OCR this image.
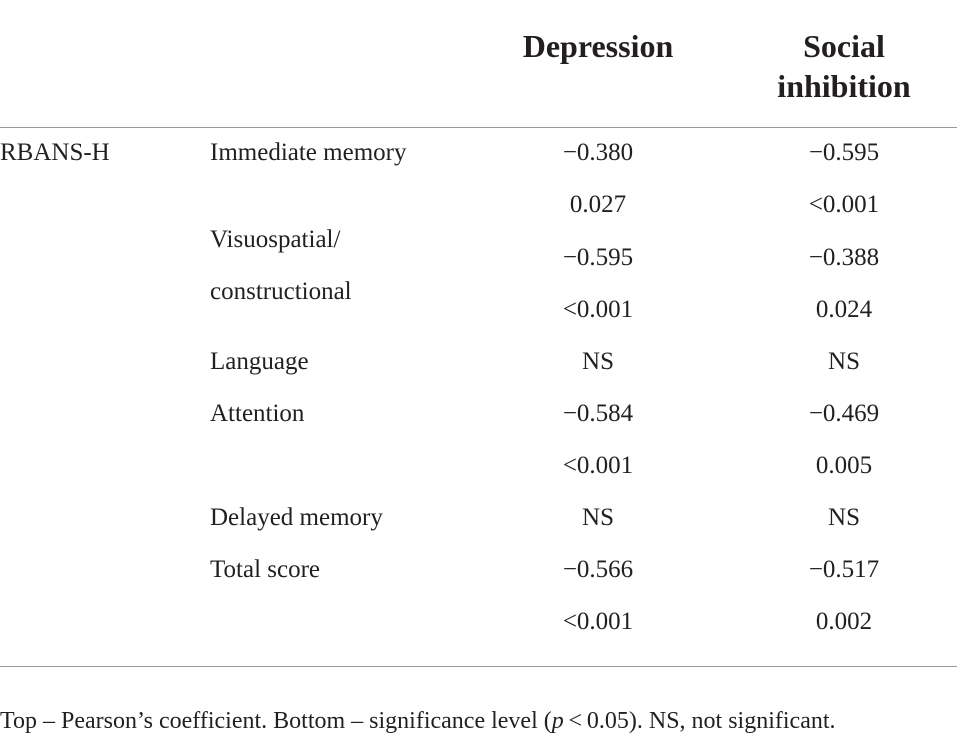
Depression	Social
inhibition
RBANS-H	Immediate memory	−0.380	−0.595
0.027	<0.001
Visuospatial/
−0.595	−0.388
constructional
<0.001	0.024
Language	NS	NS
Attention	−0.584	−0.469
<0.001	0.005
Delayed memory	NS	NS
Total score	−0.566	−0.517
<0.001	0.002
Top – Pearson’s coefficient. Bottom – significance level (p < 0.05). NS, not significant.
